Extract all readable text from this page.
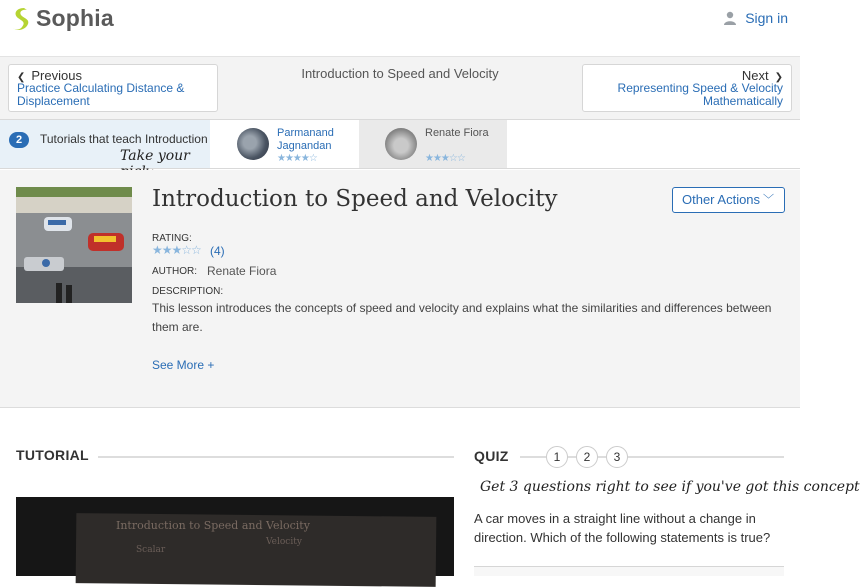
Sophia	Sign in
❮ Previous
Practice Calculating Distance & Displacement
Introduction to Speed and Velocity	Next ❯
Representing Speed & Velocity Mathematically
2	Tutorials that teach Introduction
Take your
Parmanand Jagnandan
★★★★☆
Renate Fiora
★★★☆☆
Introduction to Speed and Velocity	Other Actions ﹀
RATING:
★★★☆☆ (4)
AUTHOR: Renate Fiora
DESCRIPTION:
This lesson introduces the concepts of speed and velocity and explains what the similarities and differences between them are.
See More +
TUTORIAL
Introduction to Speed and Velocity
Velocity
Scalar
QUIZ	1	2	3
Get 3 questions right to see if you've got this concept
A car moves in a straight line without a change in direction. Which of the following statements is true?
